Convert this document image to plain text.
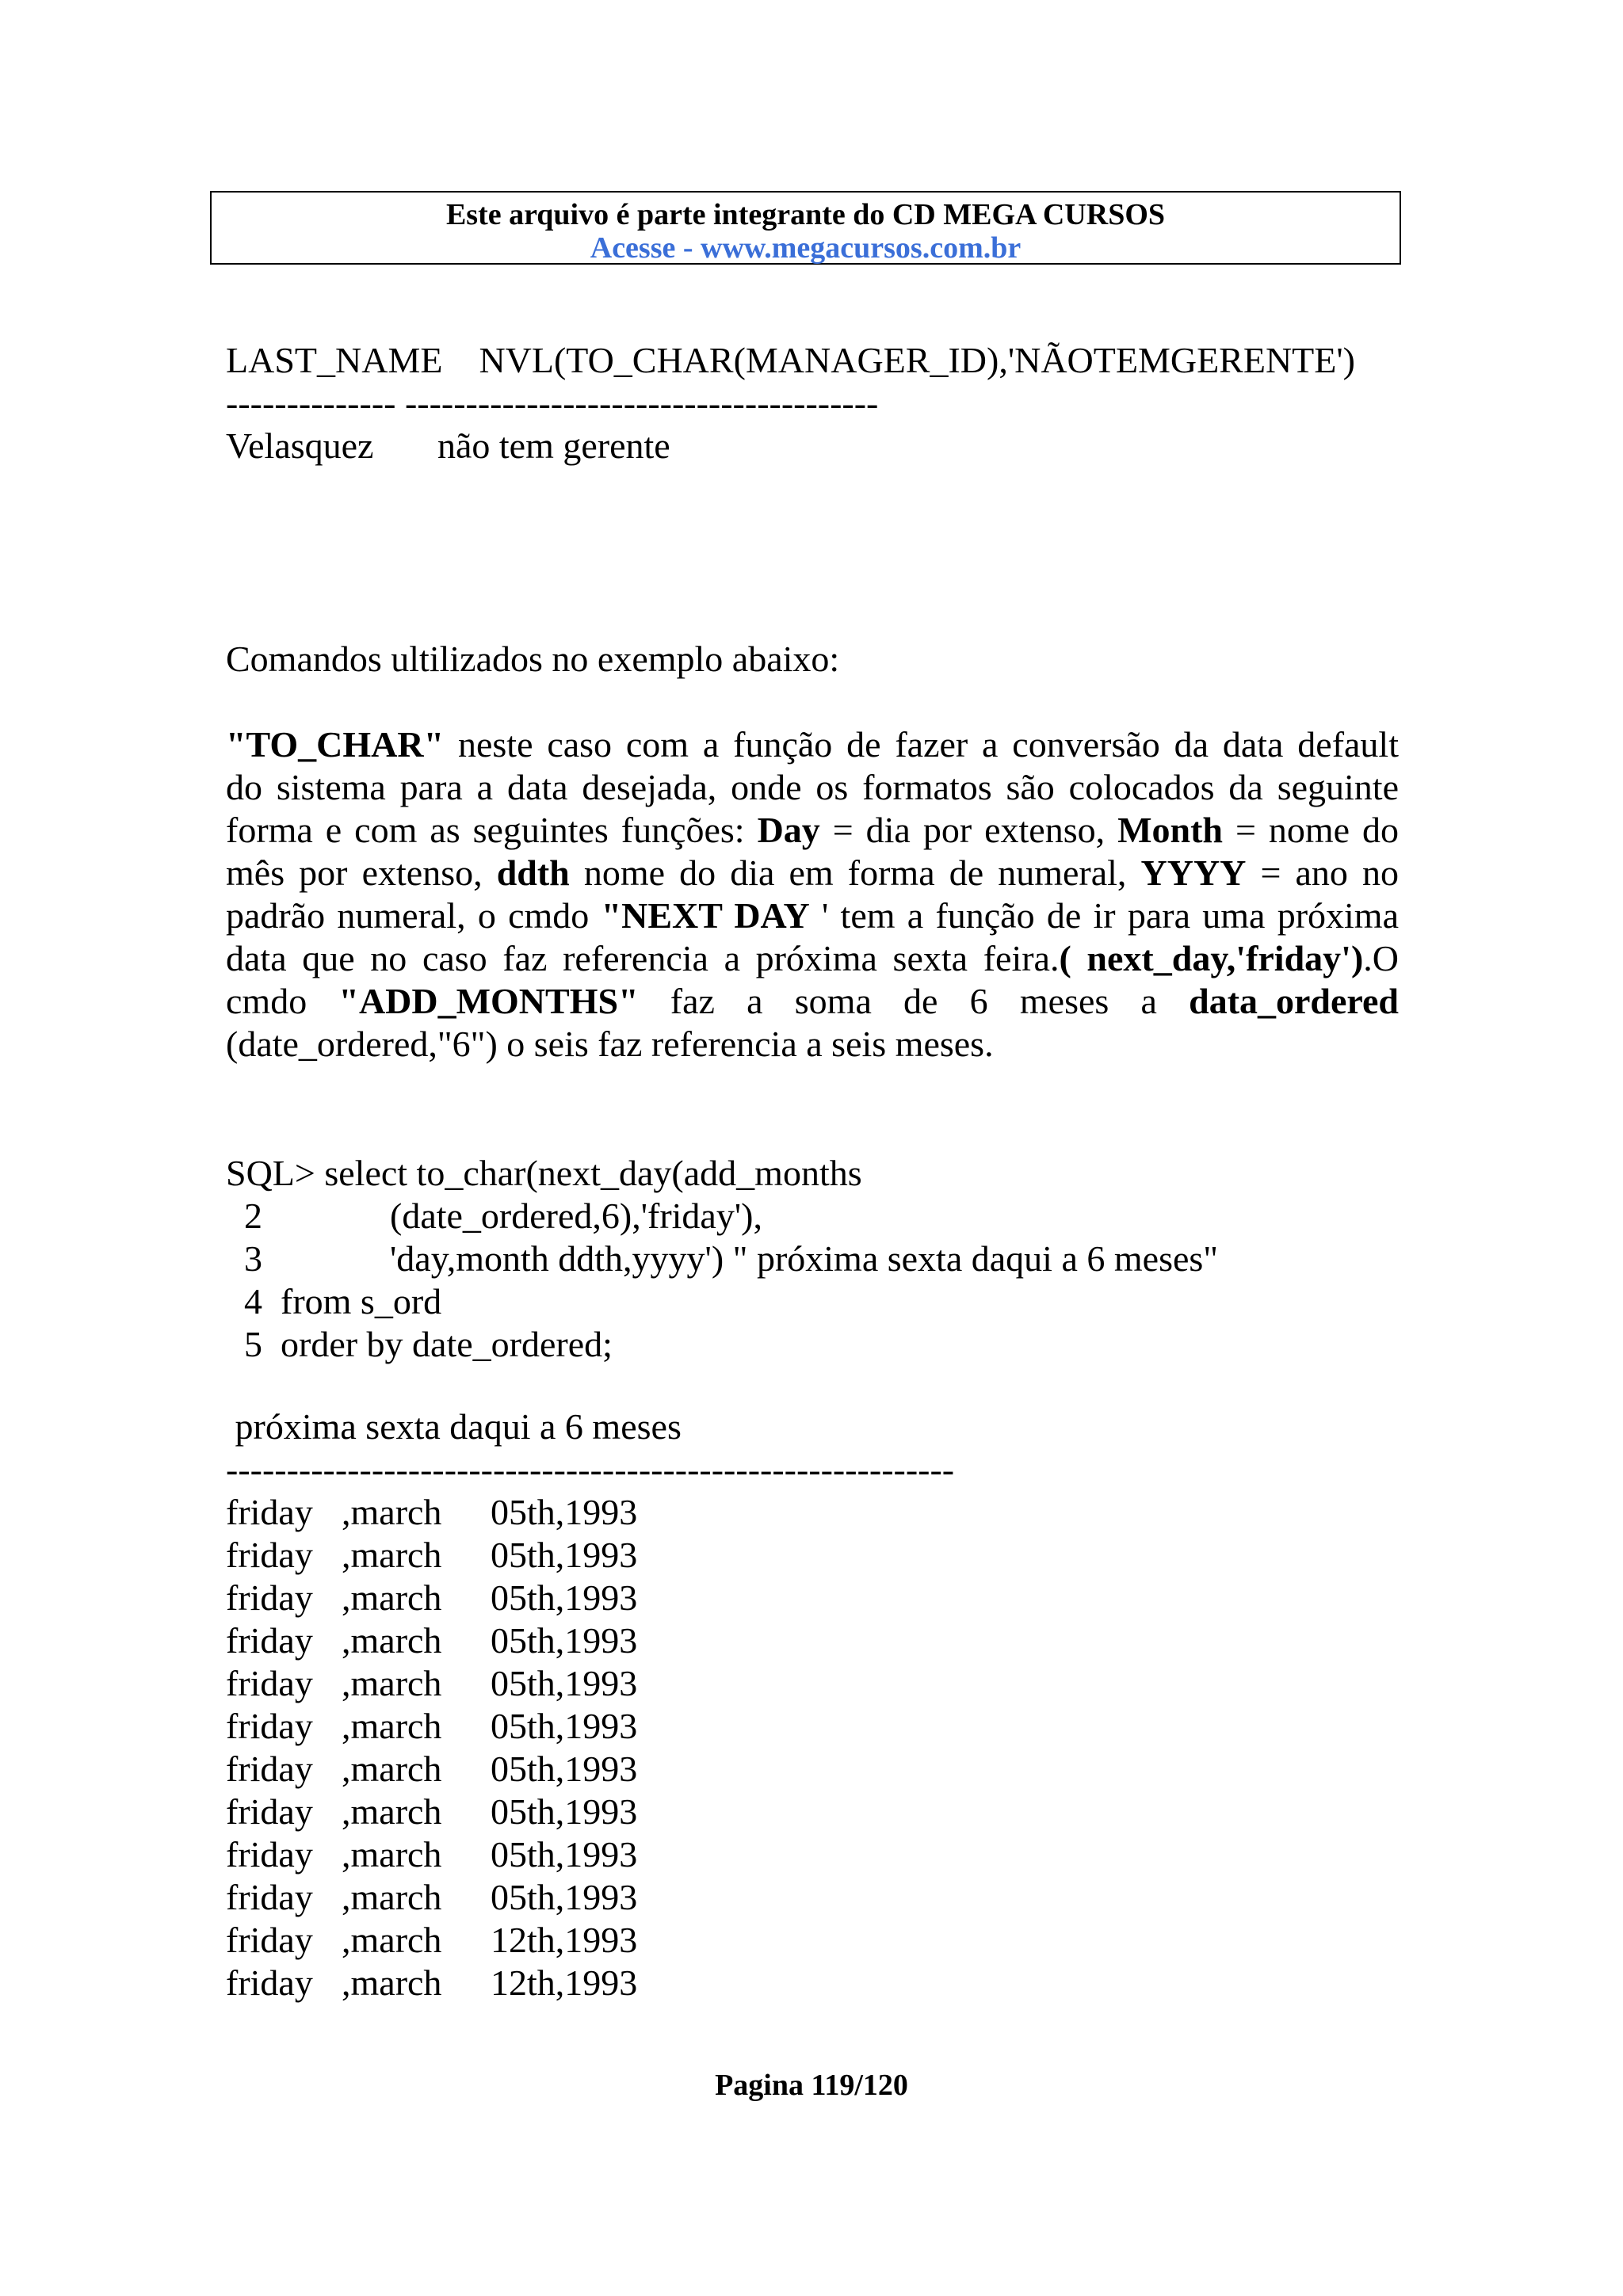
Este arquivo é parte integrante do CD MEGA CURSOS
Acesse - www.megacursos.com.br
LAST_NAME    NVL(TO_CHAR(MANAGER_ID),'NÃOTEMGERENTE')
-------------- ---------------------------------------
Velasquez       não tem gerente
Comandos ultilizados no exemplo abaixo:
"TO_CHAR" neste caso com a função de fazer a conversão da data default
do sistema para a data desejada, onde os formatos são colocados da seguinte
forma e com as seguintes funções: Day = dia por extenso, Month = nome do
mês por extenso, ddth nome do dia em forma de numeral, YYYY = ano no
padrão numeral, o cmdo "NEXT DAY ' tem a função de ir para uma próxima
data que no caso faz referencia a próxima sexta feira.( next_day,'friday').O
cmdo "ADD_MONTHS" faz a soma de 6 meses a data_ordered
(date_ordered,"6") o seis faz referencia a seis meses.
SQL> select to_char(next_day(add_months
2              (date_ordered,6),'friday'),
3              'day,month ddth,yyyy') " próxima sexta daqui a 6 meses"
4  from s_ord
5  order by date_ordered;
próxima sexta daqui a 6 meses
------------------------------------------------------------
friday ,march 05th,1993
friday ,march 05th,1993
friday ,march 05th,1993
friday ,march 05th,1993
friday ,march 05th,1993
friday ,march 05th,1993
friday ,march 05th,1993
friday ,march 05th,1993
friday ,march 05th,1993
friday ,march 05th,1993
friday ,march 12th,1993
friday ,march 12th,1993
Pagina 119/120
